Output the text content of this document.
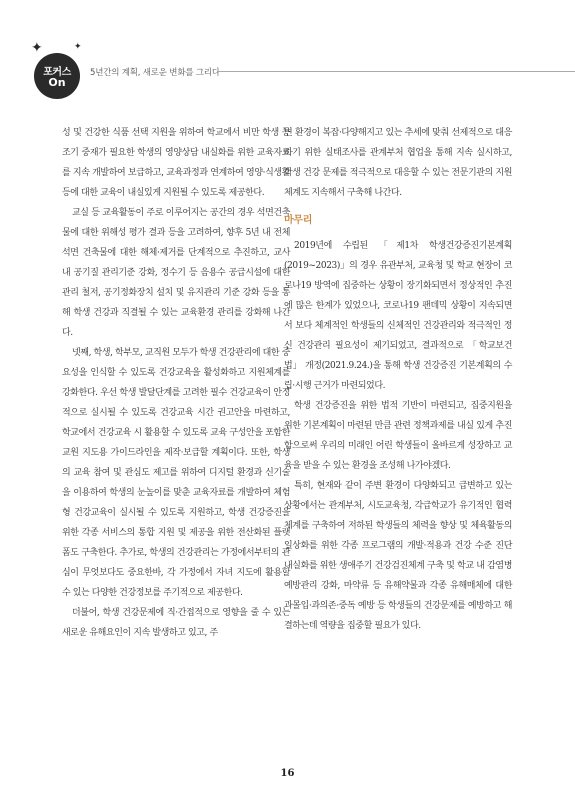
✦	✦
포커스
On
5년간의 계획, 새로운 변화를 그리다

성 및 건강한 식품 선택 지원을 위하여 학교에서 비만 학생 등 조기 중재가 필요한 학생의 영양상담 내실화를 위한 교육자료를 지속 개발하여 보급하고, 교육과정과 연계하여 영양·식생활 등에 대한 교육이 내실있게 지원될 수 있도록 제공한다.

교실 등 교육활동이 주로 이루어지는 공간의 경우 석면건축물에 대한 위해성 평가 결과 등을 고려하여, 향후 5년 내 전체 석면 건축물에 대한 해체·제거를 단계적으로 추진하고, 교사 내 공기질 관리기준 강화, 정수기 등 음용수 공급시설에 대한 관리 철저, 공기정화장치 설치 및 유지관리 기준 강화 등을 통해 학생 건강과 직결될 수 있는 교육환경 관리를 강화해 나간다.

넷째, 학생, 학부모, 교직원 모두가 학생 건강관리에 대한 중요성을 인식할 수 있도록 건강교육을 활성화하고 지원체계를 강화한다. 우선 학생 발달단계를 고려한 필수 건강교육이 안정적으로 실시될 수 있도록 건강교육 시간 권고안을 마련하고, 학교에서 건강교육 시 활용할 수 있도록 교육 구성안을 포함한 교원 지도용 가이드라인을 제작·보급할 계획이다. 또한, 학생의 교육 참여 및 관심도 제고를 위하여 디지털 환경과 신기술을 이용하여 학생의 눈높이를 맞춘 교육자료를 개발하여 체험형 건강교육이 실시될 수 있도록 지원하고, 학생 건강증진을 위한 각종 서비스의 통합 지원 및 제공을 위한 전산화된 플랫폼도 구축한다. 추가로, 학생의 건강관리는 가정에서부터의 관심이 무엇보다도 중요한바, 각 가정에서 자녀 지도에 활용할 수 있는 다양한 건강정보를 주기적으로 제공한다.

더불어, 학생 건강문제에 직·간접적으로 영향을 줄 수 있는 새로운 유해요인이 지속 발생하고 있고, 주

변 환경이 복잡·다양해지고 있는 추세에 맞춰 선제적으로 대응하기 위한 실태조사를 관계부처 협업을 통해 지속 실시하고, 학생 건강 문제를 적극적으로 대응할 수 있는 전문기관의 지원체계도 지속해서 구축해 나간다.

마무리

2019년에 수립된 「제1차 학생건강증진기본계획(2019~2023)」의 경우 유관부처, 교육청 및 학교 현장이 코로나19 방역에 집중하는 상황이 장기화되면서 정상적인 추진에 많은 한계가 있었으나, 코로나19 팬데믹 상황이 지속되면서 보다 체계적인 학생들의 신체적인 건강관리와 적극적인 정신 건강관리 필요성이 제기되었고, 결과적으로 「학교보건법」 개정(2021.9.24.)을 통해 학생 건강증진 기본계획의 수립·시행 근거가 마련되었다.

학생 건강증진을 위한 법적 기반이 마련되고, 집중지원을 위한 기본계획이 마련된 만큼 관련 정책과제를 내실 있게 추진함으로써 우리의 미래인 어린 학생들이 올바르게 성장하고 교육을 받을 수 있는 환경을 조성해 나가야겠다.

특히, 현재와 같이 주변 환경이 다양화되고 급변하고 있는 상황에서는 관계부처, 시도교육청, 각급학교가 유기적인 협력체계를 구축하여 저하된 학생들의 체력을 향상 및 체육활동의 일상화를 위한 각종 프로그램의 개발·적용과 건강 수준 진단 내실화를 위한 생애주기 건강검진체계 구축 및 학교 내 감염병 예방관리 강화, 마약류 등 유해약물과 각종 유해매체에 대한 과몰입·과의존·중독 예방 등 학생들의 건강문제를 예방하고 해결하는데 역량을 집중할 필요가 있다.

16
